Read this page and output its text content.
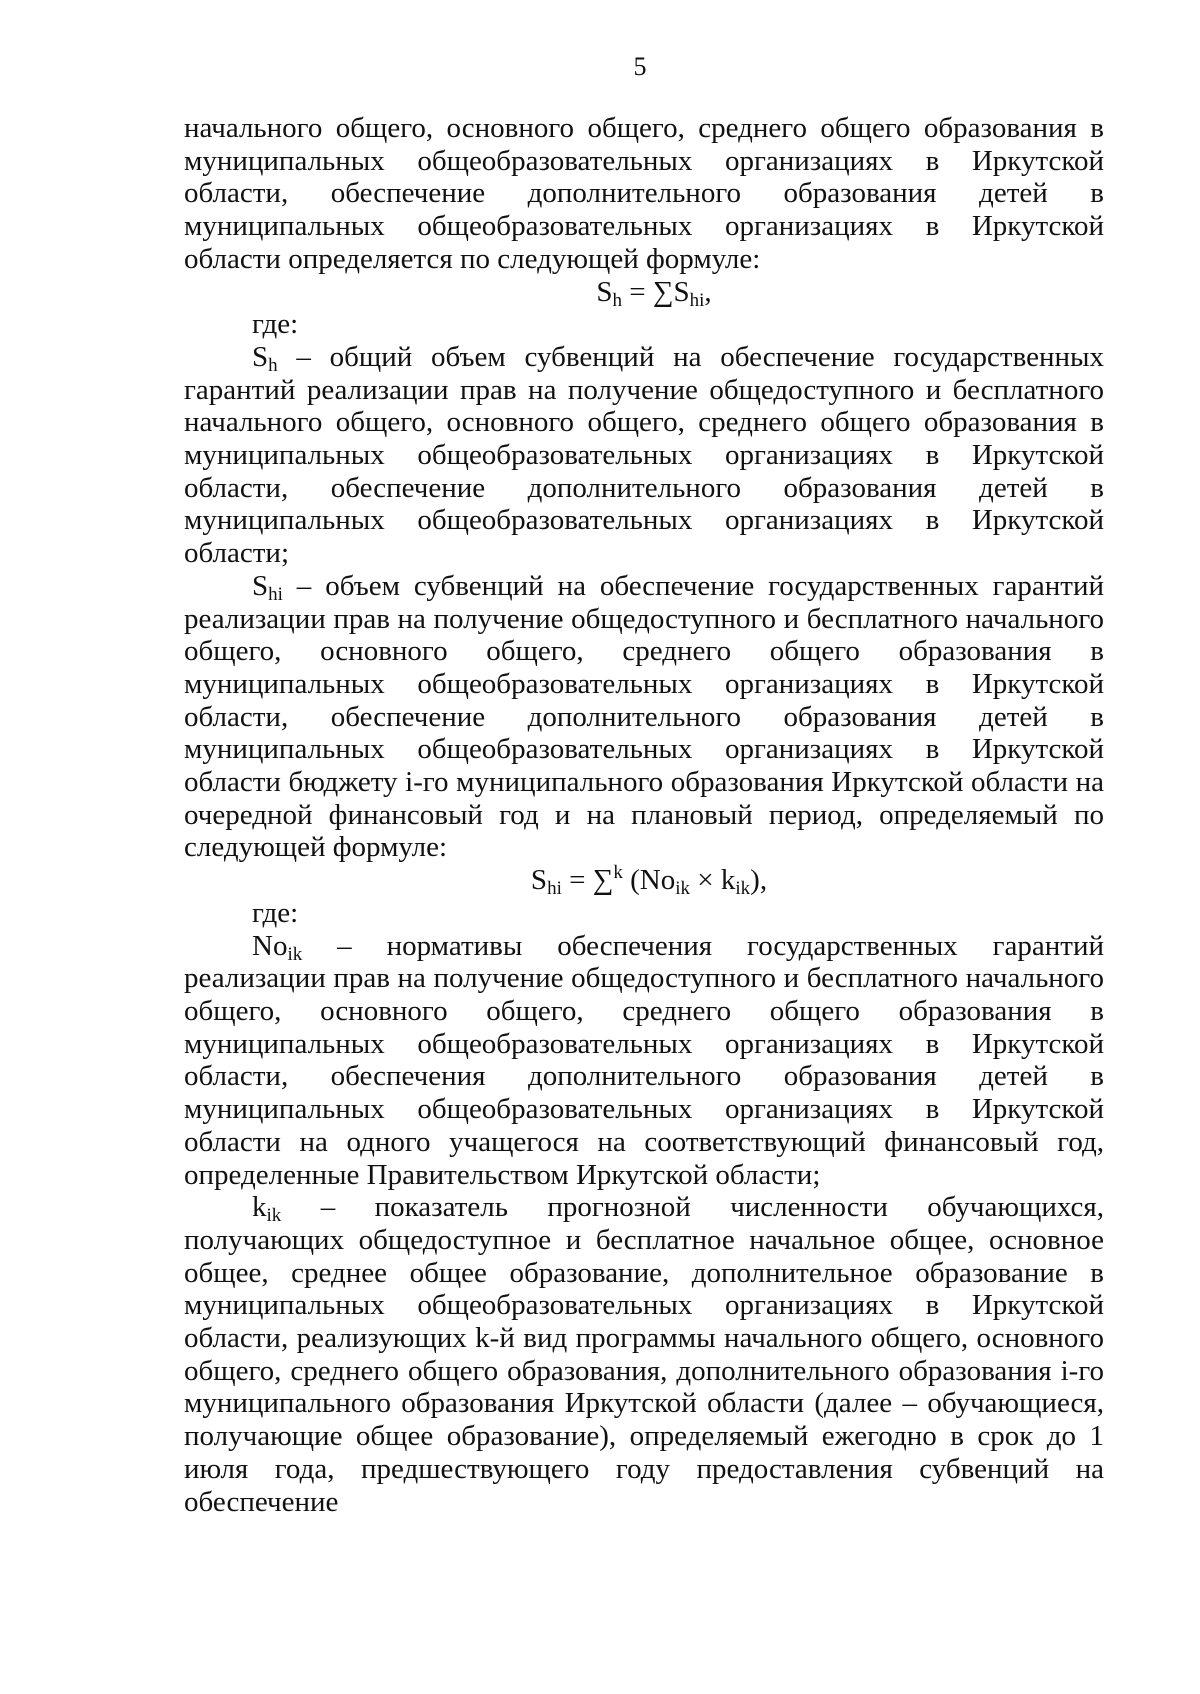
5

начального общего, основного общего, среднего общего образования в муниципальных общеобразовательных организациях в Иркутской области, обеспечение дополнительного образования детей в муниципальных общеобразовательных организациях в Иркутской области определяется по следующей формуле:

$S_h = \sum S_{hi}$,

где:

$S_h$ – общий объем субвенций на обеспечение государственных гарантий реализации прав на получение общедоступного и бесплатного начального общего, основного общего, среднего общего образования в муниципальных общеобразовательных организациях в Иркутской области, обеспечение дополнительного образования детей в муниципальных общеобразовательных организациях в Иркутской области;

$S_{hi}$ – объем субвенций на обеспечение государственных гарантий реализации прав на получение общедоступного и бесплатного начального общего, основного общего, среднего общего образования в муниципальных общеобразовательных организациях в Иркутской области, обеспечение дополнительного образования детей в муниципальных общеобразовательных организациях в Иркутской области бюджету i-го муниципального образования Иркутской области на очередной финансовый год и на плановый период, определяемый по следующей формуле:

$S_{hi} = \sum^k$ $(No_{ik} \times k_{ik})$,

где:

$No_{ik}$ – нормативы обеспечения государственных гарантий реализации прав на получение общедоступного и бесплатного начального общего, основного общего, среднего общего образования в муниципальных общеобразовательных организациях в Иркутской области, обеспечения дополнительного образования детей в муниципальных общеобразовательных организациях в Иркутской области на одного учащегося на соответствующий финансовый год, определенные Правительством Иркутской области;

$k_{ik}$ – показатель прогнозной численности обучающихся, получающих общедоступное и бесплатное начальное общее, основное общее, среднее общее образование, дополнительное образование в муниципальных общеобразовательных организациях в Иркутской области, реализующих k-й вид программы начального общего, основного общего, среднего общего образования, дополнительного образования i-го муниципального образования Иркутской области (далее – обучающиеся, получающие общее образование), определяемый ежегодно в срок до 1 июля года, предшествующего году предоставления субвенций на обеспечение
